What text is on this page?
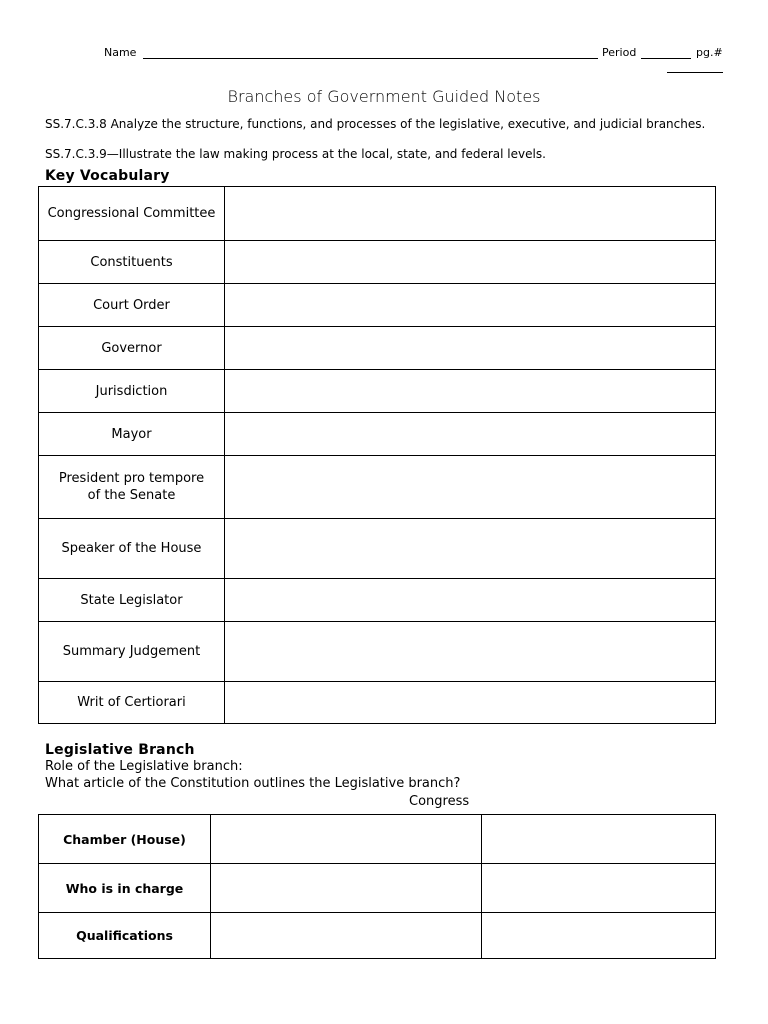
Name	Period	pg.#
Branches of Government Guided Notes
SS.7.C.3.8 Analyze the structure, functions, and processes of the legislative, executive, and judicial branches.
SS.7.C.3.9—Illustrate the law making process at the local, state, and federal levels.
Key Vocabulary
Congressional Committee	
Constituents	
Court Order	
Governor	
Jurisdiction	
Mayor	
President pro tempore of the Senate	
Speaker of the House	
State Legislator	
Summary Judgement	
Writ of Certiorari	
Legislative Branch
Role of the Legislative branch:
What article of the Constitution outlines the Legislative branch?
Congress
Chamber (House)		
Who is in charge		
Qualifications		
